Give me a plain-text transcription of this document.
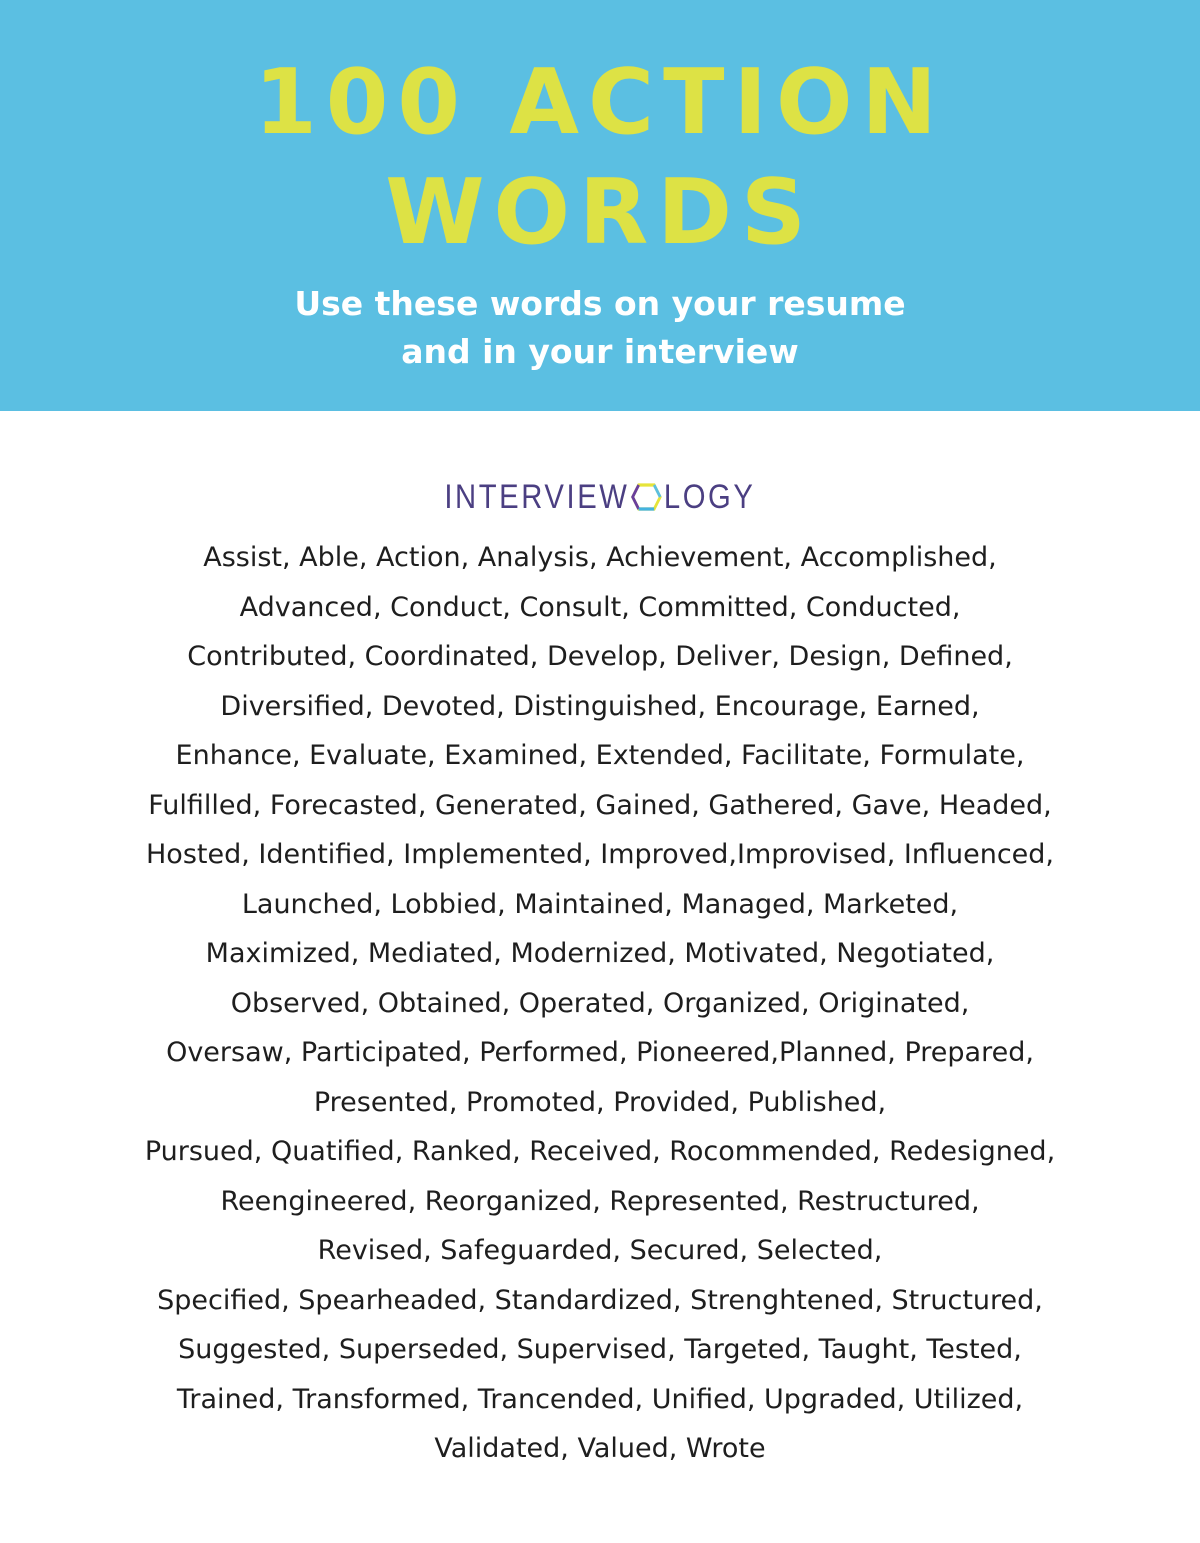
100 ACTION
WORDS
Use these words on your resume
and in your interview
INTERVIEW LOGY
Assist, Able, Action, Analysis, Achievement, Accomplished,
Advanced, Conduct, Consult, Committed, Conducted,
Contributed, Coordinated, Develop, Deliver, Design, Defined,
Diversified, Devoted, Distinguished, Encourage, Earned,
Enhance, Evaluate, Examined, Extended, Facilitate, Formulate,
Fulfilled, Forecasted, Generated, Gained, Gathered, Gave, Headed,
Hosted, Identified, Implemented, Improved,Improvised, Influenced,
Launched, Lobbied, Maintained, Managed, Marketed,
Maximized, Mediated, Modernized, Motivated, Negotiated,
Observed, Obtained, Operated, Organized, Originated,
Oversaw, Participated, Performed, Pioneered,Planned, Prepared,
Presented, Promoted, Provided, Published,
Pursued, Quatified, Ranked, Received, Rocommended, Redesigned,
Reengineered, Reorganized, Represented, Restructured,
Revised, Safeguarded, Secured, Selected,
Specified, Spearheaded, Standardized, Strenghtened, Structured,
Suggested, Superseded, Supervised, Targeted, Taught, Tested,
Trained, Transformed, Trancended, Unified, Upgraded, Utilized,
Validated, Valued, Wrote
